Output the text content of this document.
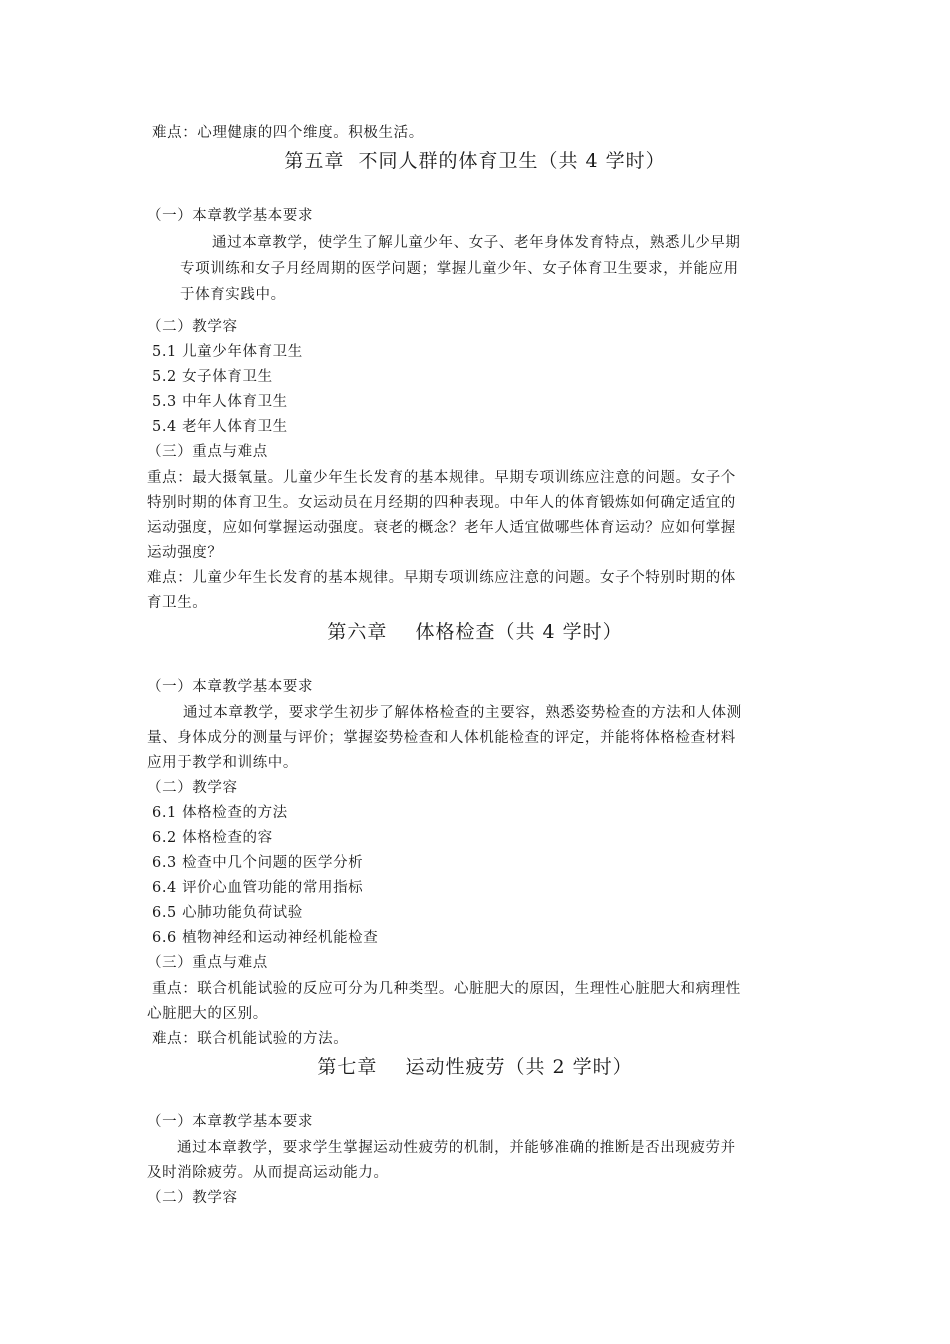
难点：心理健康的四个维度。积极生活。
第五章  不同人群的体育卫生（共 4 学时）
（一）本章教学基本要求
通过本章教学，使学生了解儿童少年、女子、老年身体发育特点，熟悉儿少早期
专项训练和女子月经周期的医学问题；掌握儿童少年、女子体育卫生要求，并能应用
于体育实践中。
（二）教学容
5.1 儿童少年体育卫生
5.2 女子体育卫生
5.3 中年人体育卫生
5.4 老年人体育卫生
（三）重点与难点
重点：最大摄氧量。儿童少年生长发育的基本规律。早期专项训练应注意的问题。女子个
特别时期的体育卫生。女运动员在月经期的四种表现。中年人的体育锻炼如何确定适宜的
运动强度，应如何掌握运动强度。衰老的概念？老年人适宜做哪些体育运动？应如何掌握
运动强度？
难点：儿童少年生长发育的基本规律。早期专项训练应注意的问题。女子个特别时期的体
育卫生。
第六章    体格检查（共 4 学时）
（一）本章教学基本要求
通过本章教学，要求学生初步了解体格检查的主要容，熟悉姿势检查的方法和人体测
量、身体成分的测量与评价；掌握姿势检查和人体机能检查的评定，并能将体格检查材料
应用于教学和训练中。
（二）教学容
6.1 体格检查的方法
6.2 体格检查的容
6.3 检查中几个问题的医学分析
6.4 评价心血管功能的常用指标
6.5 心肺功能负荷试验
6.6 植物神经和运动神经机能检查
（三）重点与难点
重点：联合机能试验的反应可分为几种类型。心脏肥大的原因，生理性心脏肥大和病理性
心脏肥大的区别。
难点：联合机能试验的方法。
第七章    运动性疲劳（共 2 学时）
（一）本章教学基本要求
通过本章教学，要求学生掌握运动性疲劳的机制，并能够准确的推断是否出现疲劳并
及时消除疲劳。从而提高运动能力。
（二）教学容
